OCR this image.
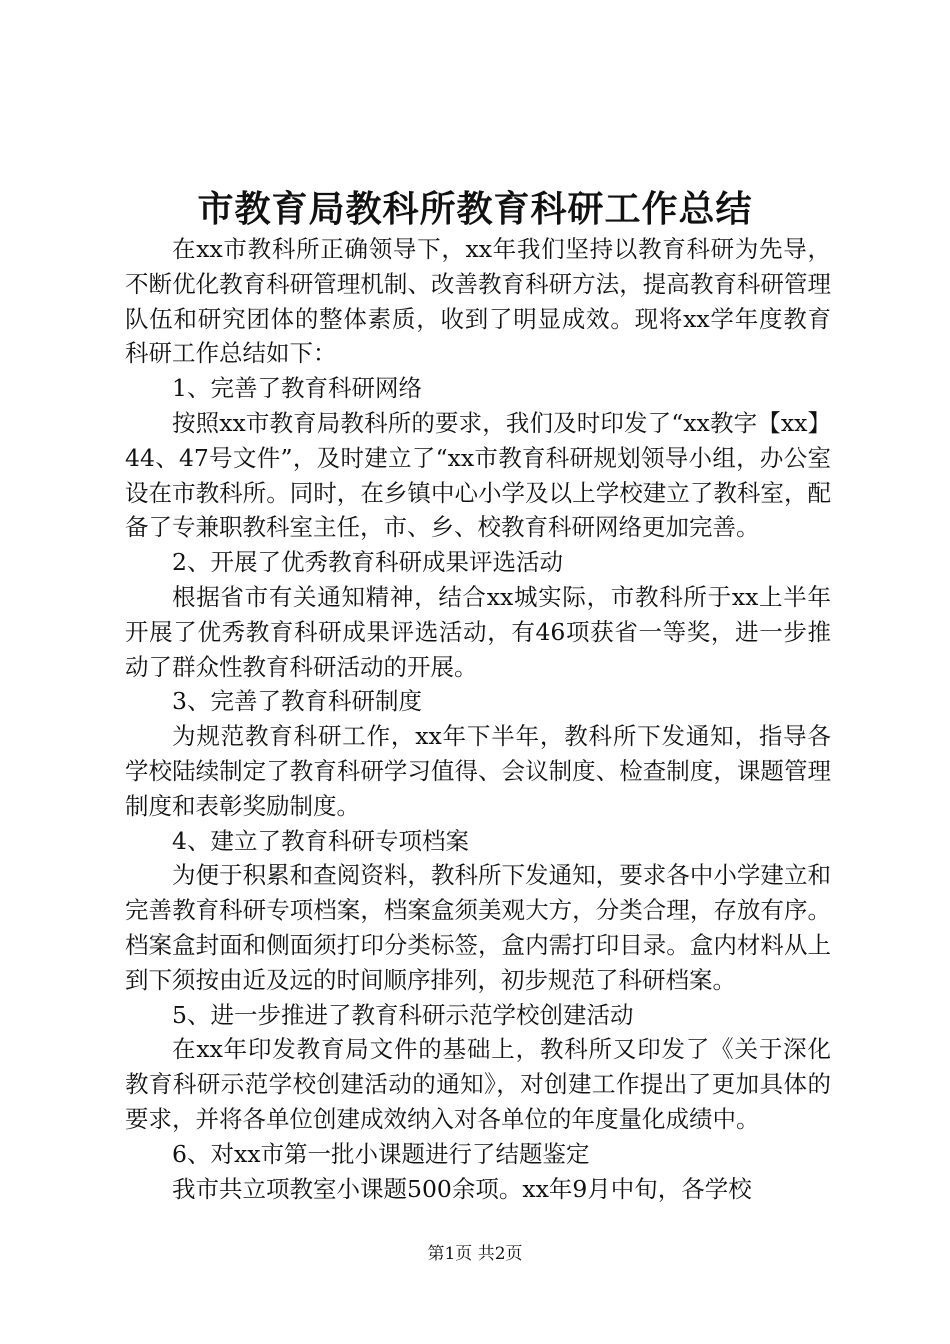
市教育局教科所教育科研工作总结

在xx市教科所正确领导下，xx年我们坚持以教育科研为先导，不断优化教育科研管理机制、改善教育科研方法，提高教育科研管理队伍和研究团体的整体素质，收到了明显成效。现将xx学年度教育科研工作总结如下：

1、完善了教育科研网络

按照xx市教育局教科所的要求，我们及时印发了“xx教字【xx】44、47号文件”，及时建立了“xx市教育科研规划领导小组，办公室设在市教科所。同时，在乡镇中心小学及以上学校建立了教科室，配备了专兼职教科室主任，市、乡、校教育科研网络更加完善。

2、开展了优秀教育科研成果评选活动

根据省市有关通知精神，结合xx城实际，市教科所于xx上半年开展了优秀教育科研成果评选活动，有46项获省一等奖，进一步推动了群众性教育科研活动的开展。

3、完善了教育科研制度

为规范教育科研工作，xx年下半年，教科所下发通知，指导各学校陆续制定了教育科研学习值得、会议制度、检查制度，课题管理制度和表彰奖励制度。

4、建立了教育科研专项档案

为便于积累和查阅资料，教科所下发通知，要求各中小学建立和完善教育科研专项档案，档案盒须美观大方，分类合理，存放有序。档案盒封面和侧面须打印分类标签，盒内需打印目录。盒内材料从上到下须按由近及远的时间顺序排列，初步规范了科研档案。

5、进一步推进了教育科研示范学校创建活动

在xx年印发教育局文件的基础上，教科所又印发了《关于深化教育科研示范学校创建活动的通知》，对创建工作提出了更加具体的要求，并将各单位创建成效纳入对各单位的年度量化成绩中。

6、对xx市第一批小课题进行了结题鉴定

我市共立项教室小课题500余项。xx年9月中旬，各学校

第1页 共2页
